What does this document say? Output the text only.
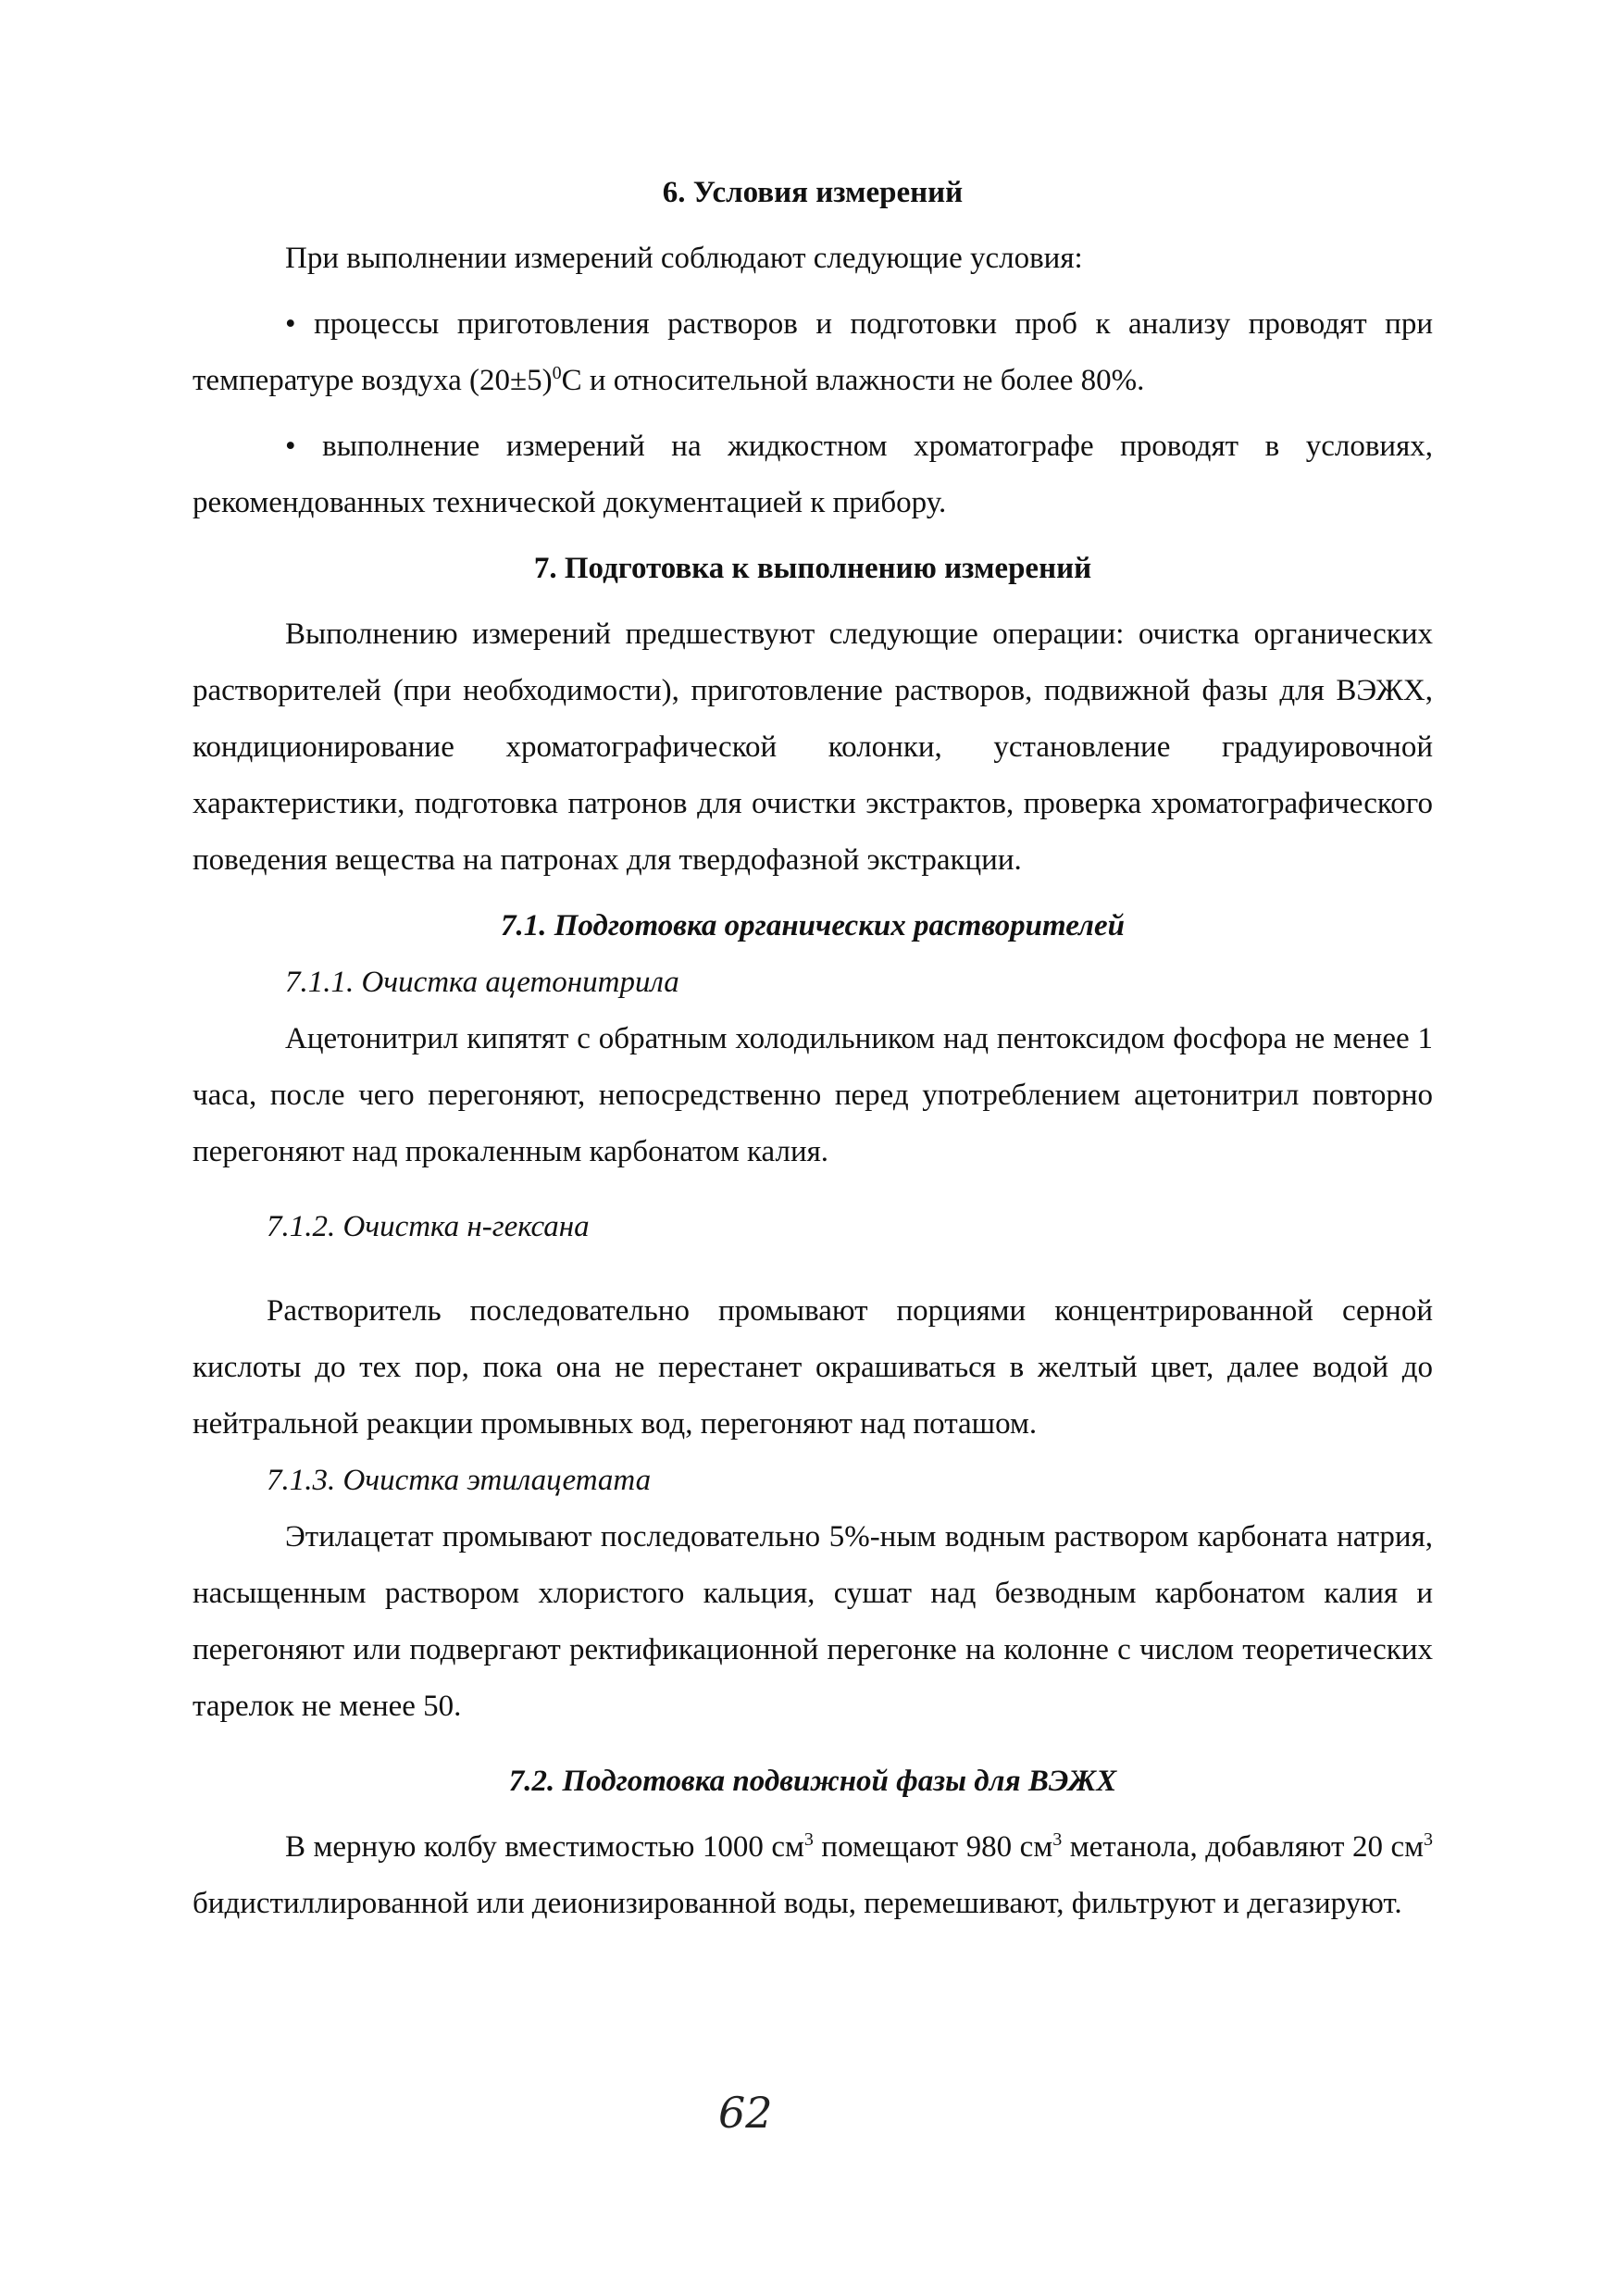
6. Условия измерений

При выполнении измерений соблюдают следующие условия:

• процессы приготовления растворов и подготовки проб к анализу проводят при температуре воздуха $(20\pm 5)^0С$ и относительной влажности не более 80%.

• выполнение измерений на жидкостном хроматографе проводят в условиях, рекомендованных технической документацией к прибору.

7. Подготовка к выполнению измерений

Выполнению измерений предшествуют следующие операции: очистка органических растворителей (при необходимости), приготовление растворов, подвижной фазы для ВЭЖХ, кондиционирование хроматографической колонки, установление градуировочной характеристики, подготовка патронов для очистки экстрактов, проверка хроматографического поведения вещества на патронах для твердофазной экстракции.

7.1. Подготовка органических растворителей

7.1.1. Очистка ацетонитрила

Ацетонитрил кипятят с обратным холодильником над пентоксидом фосфора не менее 1 часа, после чего перегоняют, непосредственно перед употреблением ацетонитрил повторно перегоняют над прокаленным карбонатом калия.

7.1.2. Очистка н-гексана

Растворитель последовательно промывают порциями концентрированной серной кислоты до тех пор, пока она не перестанет окрашиваться в желтый цвет, далее водой до нейтральной реакции промывных вод, перегоняют над поташом.

7.1.3. Очистка этилацетата

Этилацетат промывают последовательно 5%-ным водным раствором карбоната натрия, насыщенным раствором хлористого кальция, сушат над безводным карбонатом калия и перегоняют или подвергают ректификационной перегонке на колонне с числом теоретических тарелок не менее 50.

7.2. Подготовка подвижной фазы для ВЭЖХ

В мерную колбу вместимостью 1000 $см^3$ помещают 980 $см^3$ метанола, добавляют 20 $см^3$ бидистиллированной или деионизированной воды, перемешивают, фильтруют и дегазируют.

62
